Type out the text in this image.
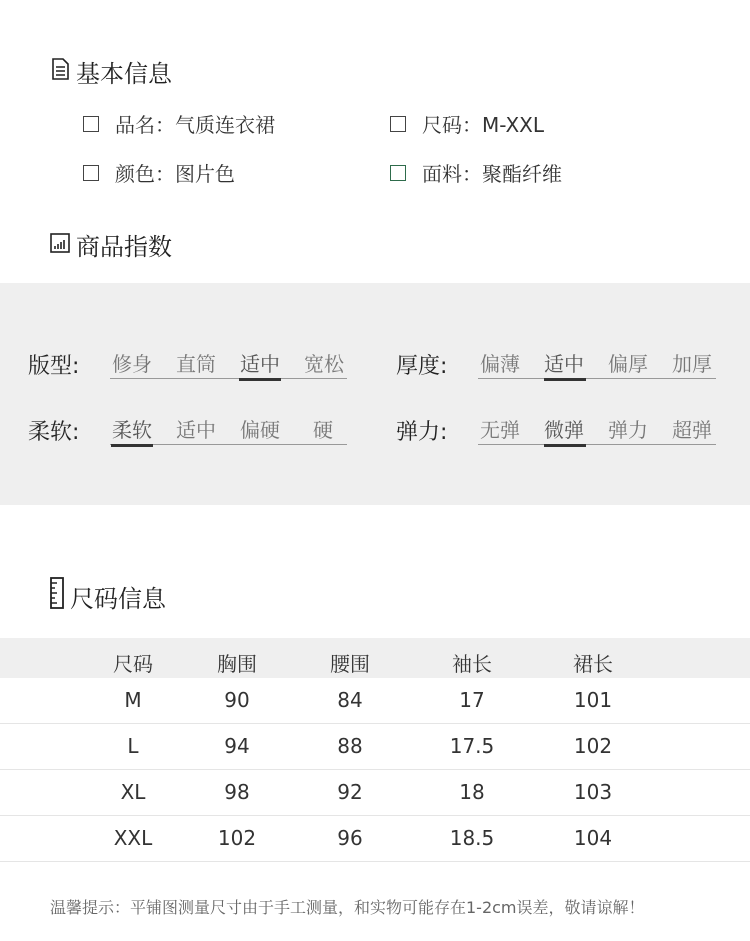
基本信息
品名：气质连衣裙	尺码：M-XXL
颜色：图片色	面料：聚酯纤维
商品指数
版型: 修身 直筒 适中 宽松 厚度: 偏薄 适中 偏厚 加厚
柔软: 柔软 适中 偏硬 硬	弹力: 无弹 微弹 弹力 超弹
尺码信息
尺码	胸围	腰围	袖长	裙长
M	90	84	17	101
L	94	88	17.5	102
XL	98	92	18	103
XXL	102	96	18.5	104
温馨提示：平铺图测量尺寸由于手工测量，和实物可能存在1-2cm误差，敬请谅解！
